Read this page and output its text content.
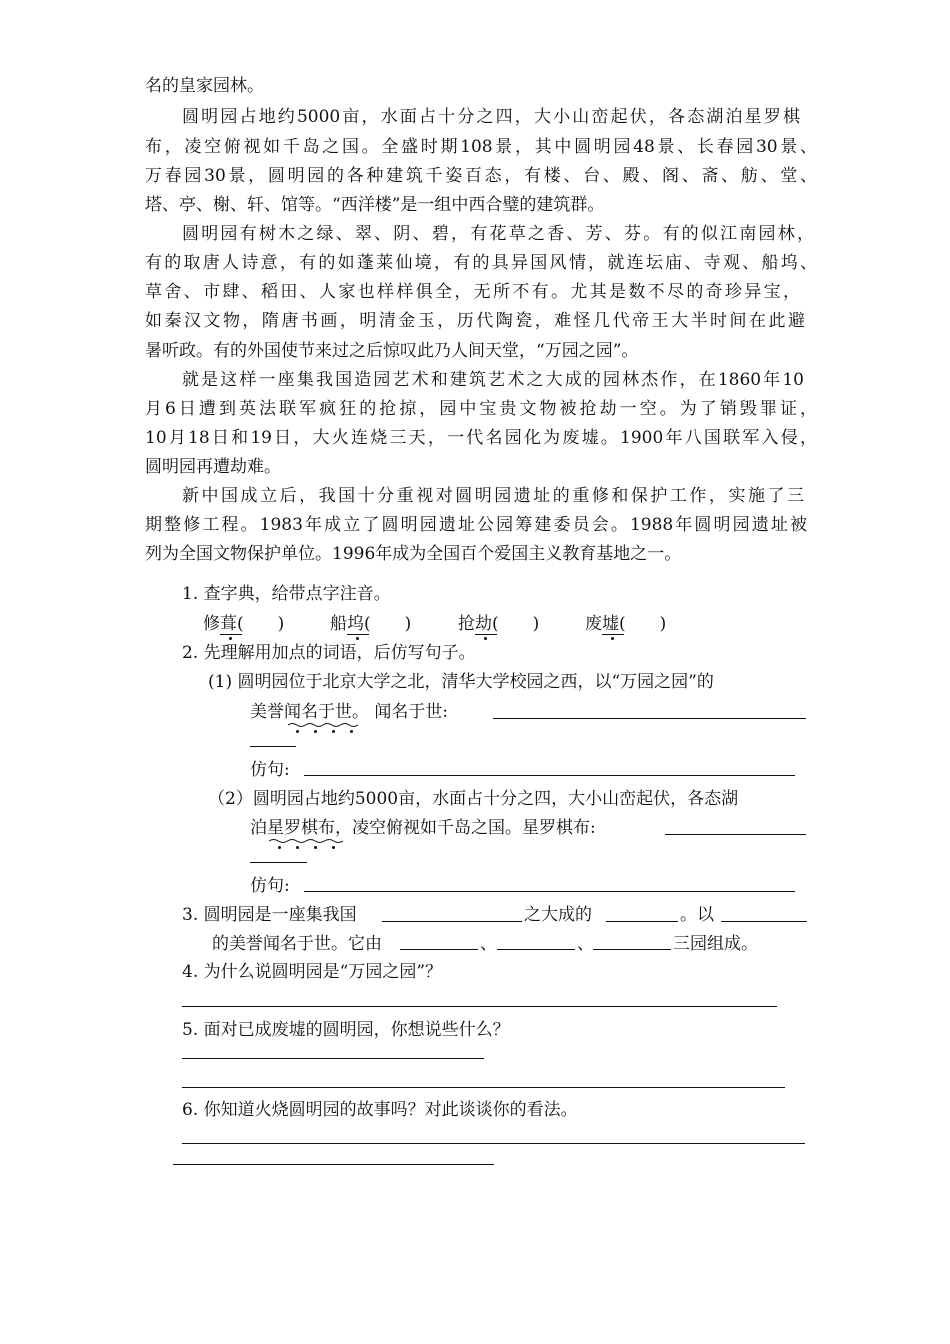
名的皇家园林。
圆明园占地约5000亩，水面占十分之四，大小山峦起伏，各态湖泊星罗棋
布，凌空俯视如千岛之国。全盛时期108景，其中圆明园48景、长春园30景、
万春园30景，圆明园的各种建筑千姿百态，有楼、台、殿、阁、斋、舫、堂、
塔、亭、榭、轩、馆等。“西洋楼”是一组中西合璧的建筑群。
圆明园有树木之绿、翠、阴、碧，有花草之香、芳、芬。有的似江南园林，
有的取唐人诗意，有的如蓬莱仙境，有的具异国风情，就连坛庙、寺观、船坞、
草舍、市肆、稻田、人家也样样俱全，无所不有。尤其是数不尽的奇珍异宝，
如秦汉文物，隋唐书画，明清金玉，历代陶瓷，难怪几代帝王大半时间在此避
暑听政。有的外国使节来过之后惊叹此乃人间天堂，“万园之园”。
就是这样一座集我国造园艺术和建筑艺术之大成的园林杰作，在1860年10
月6日遭到英法联军疯狂的抢掠，园中宝贵文物被抢劫一空。为了销毁罪证，
10月18日和19日，大火连烧三天，一代名园化为废墟。1900年八国联军入侵，
圆明园再遭劫难。
新中国成立后，我国十分重视对圆明园遗址的重修和保护工作，实施了三
期整修工程。1983年成立了圆明园遗址公园筹建委员会。1988年圆明园遗址被
列为全国文物保护单位。1996年成为全国百个爱国主义教育基地之一。
1. 查字典，给带点字注音。
修葺(　　)	船坞(　　)	抢劫(　　)	废墟(　　)
2. 先理解用加点的词语，后仿写句子。
(1) 圆明园位于北京大学之北，清华大学校园之西，以“万园之园”的
美誉闻名于世。 闻名于世:
仿句:
（2）圆明园占地约5000亩，水面占十分之四，大小山峦起伏，各态湖
泊星罗棋布，凌空俯视如千岛之国。星罗棋布:
仿句:
3. 圆明园是一座集我国	之大成的	。以
的美誉闻名于世。它由	、	、	三园组成。
4. 为什么说圆明园是“万园之园”？
5. 面对已成废墟的圆明园，你想说些什么？
6. 你知道火烧圆明园的故事吗？对此谈谈你的看法。
